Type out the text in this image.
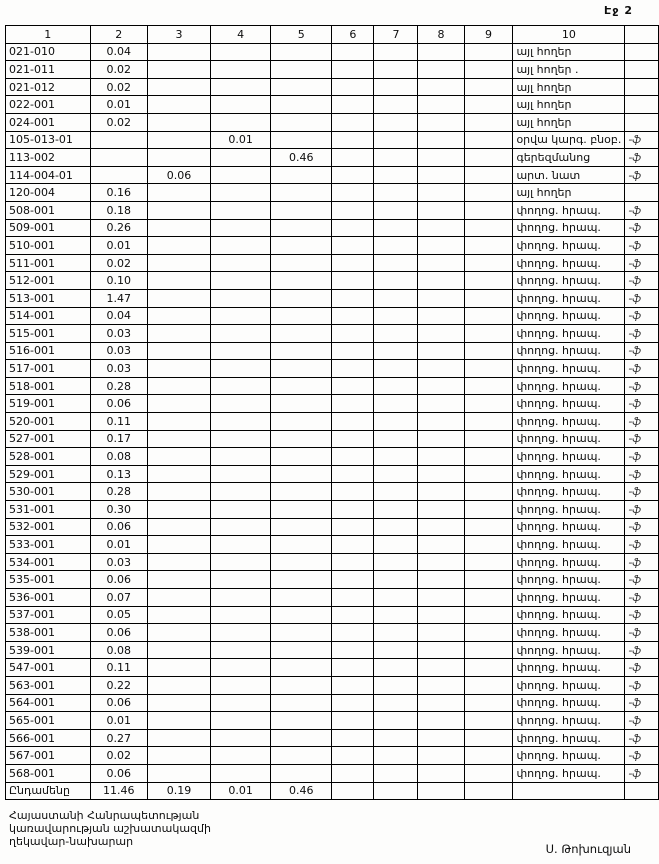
Էջ 2
1	2	3	4	5	6	7	8	9	10	
021-010	0.04								այլ հողեր	
021-011	0.02								այլ հողեր .	
021-012	0.02								այլ հողեր	
022-001	0.01								այլ հողեր	
024-001	0.02								այլ հողեր	
105-013-01			0.01						օրվա կարգ. բնօբ.	-ֆ
113-002				0.46					գերեզմանոց	-ֆ
114-004-01		0.06							արտ. նատ	-ֆ
120-004	0.16								այլ հողեր	
508-001	0.18								փողոց. հրապ.	-ֆ
509-001	0.26								փողոց. հրապ.	-ֆ
510-001	0.01								փողոց. հրապ.	-ֆ
511-001	0.02								փողոց. հրապ.	-ֆ
512-001	0.10								փողոց. հրապ.	-ֆ
513-001	1.47								փողոց. հրապ.	-ֆ
514-001	0.04								փողոց. հրապ.	-ֆ
515-001	0.03								փողոց. հրապ.	-ֆ
516-001	0.03								փողոց. հրապ.	-ֆ
517-001	0.03								փողոց. հրապ.	-ֆ
518-001	0.28								փողոց. հրապ.	-ֆ
519-001	0.06								փողոց. հրապ.	-ֆ
520-001	0.11								փողոց. հրապ.	-ֆ
527-001	0.17								փողոց. հրապ.	-ֆ
528-001	0.08								փողոց. հրապ.	-ֆ
529-001	0.13								փողոց. հրապ.	-ֆ
530-001	0.28								փողոց. հրապ.	-ֆ
531-001	0.30								փողոց. հրապ.	-ֆ
532-001	0.06								փողոց. հրապ.	-ֆ
533-001	0.01								փողոց. հրապ.	-ֆ
534-001	0.03								փողոց. հրապ.	-ֆ
535-001	0.06								փողոց. հրապ.	-ֆ
536-001	0.07								փողոց. հրապ.	-ֆ
537-001	0.05								փողոց. հրապ.	-ֆ
538-001	0.06								փողոց. հրապ.	-ֆ
539-001	0.08								փողոց. հրապ.	-ֆ
547-001	0.11								փողոց. հրապ.	-ֆ
563-001	0.22								փողոց. հրապ.	-ֆ
564-001	0.06								փողոց. հրապ.	-ֆ
565-001	0.01								փողոց. հրապ.	-ֆ
566-001	0.27								փողոց. հրապ.	-ֆ
567-001	0.02								փողոց. հրապ.	-ֆ
568-001	0.06								փողոց. հրապ.	-ֆ
Ընդամենը	11.46	0.19	0.01	0.46						
Հայաստանի Հանրապետության
կառավարության աշխատակազմի
ղեկավար-նախարար
Ս. Թոխուզյան
